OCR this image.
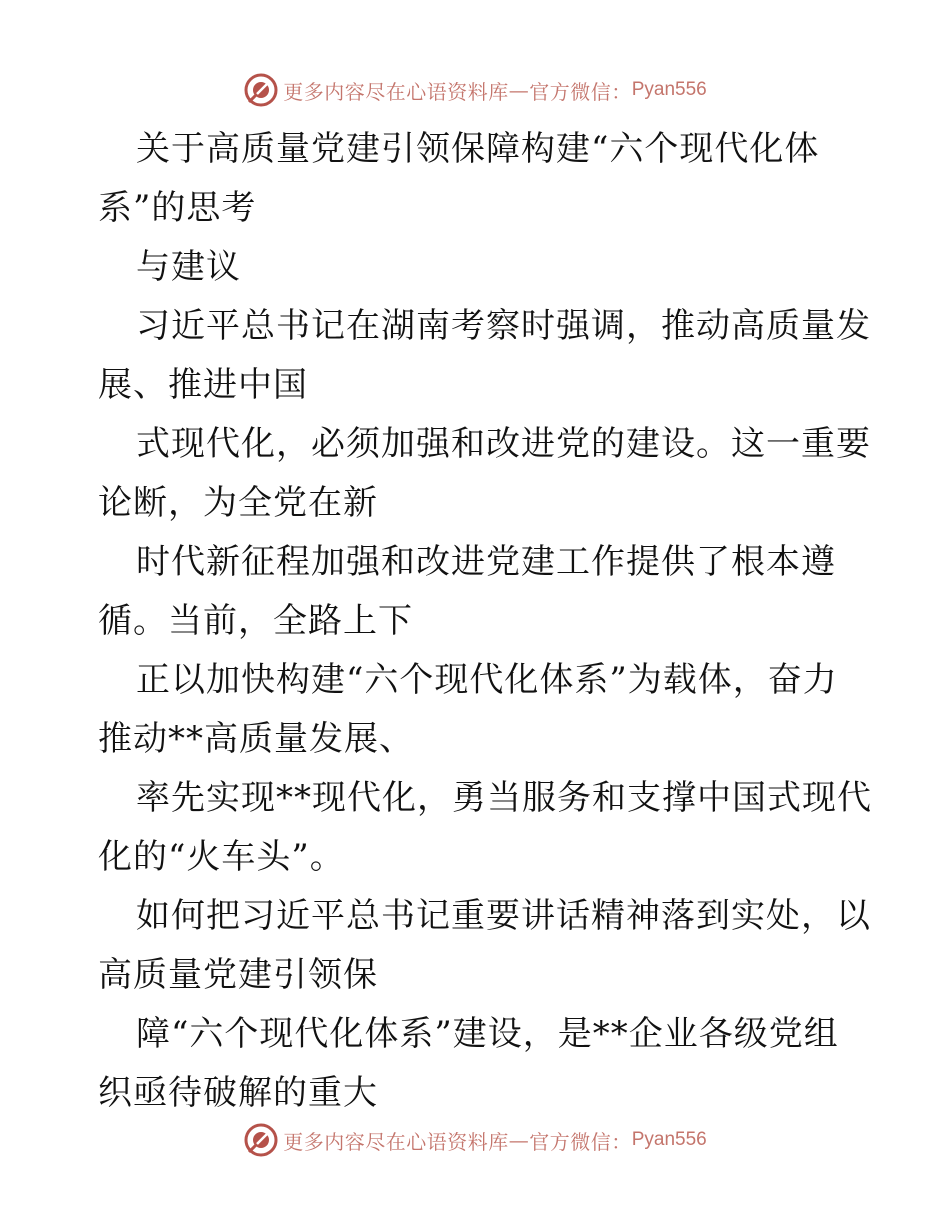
更多内容尽在心语资料库 — 官方微信： Pyan556
关于高质量党建引领保障构建“六个现代化体
系”的思考
与建议
习近平总书记在湖南考察时强调，推动高质量发
展、推进中国
式现代化，必须加强和改进党的建设。这一重要
论断，为全党在新
时代新征程加强和改进党建工作提供了根本遵
循。当前，全路上下
正以加快构建“六个现代化体系”为载体，奋力
推动**高质量发展、
率先实现**现代化，勇当服务和支撑中国式现代
化的“火车头”。
如何把习近平总书记重要讲话精神落到实处，以
高质量党建引领保
障“六个现代化体系”建设，是**企业各级党组
织亟待破解的重大
更多内容尽在心语资料库 — 官方微信： Pyan556
